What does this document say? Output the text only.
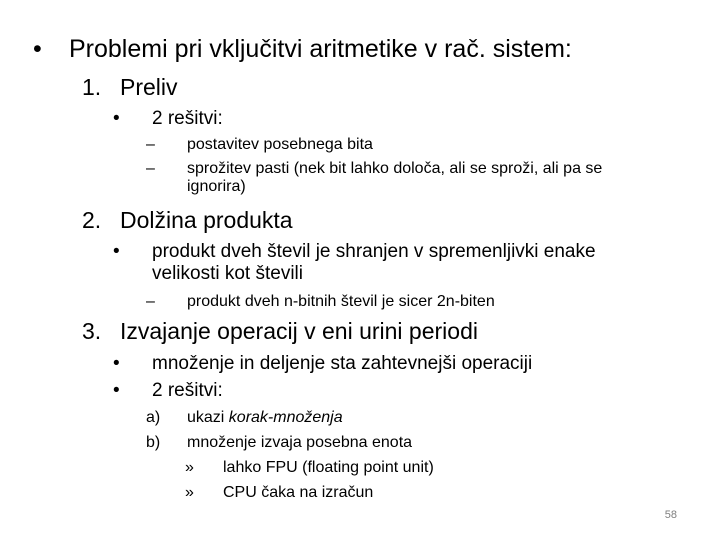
• Problemi pri vključitvi aritmetike v rač. sistem:
1. Preliv
• 2 rešitvi:
– postavitev posebnega bita
– sprožitev pasti (nek bit lahko določa, ali se sproži, ali pa se ignorira)
2. Dolžina produkta
• produkt dveh števil je shranjen v spremenljivki enake velikosti kot števili
– produkt dveh n-bitnih števil je sicer 2n-biten
3. Izvajanje operacij v eni urini periodi
• množenje in deljenje sta zahtevnejši operaciji
• 2 rešitvi:
a) ukazi korak-množenja
b) množenje izvaja posebna enota
» lahko FPU (floating point unit)
» CPU čaka na izračun
58
